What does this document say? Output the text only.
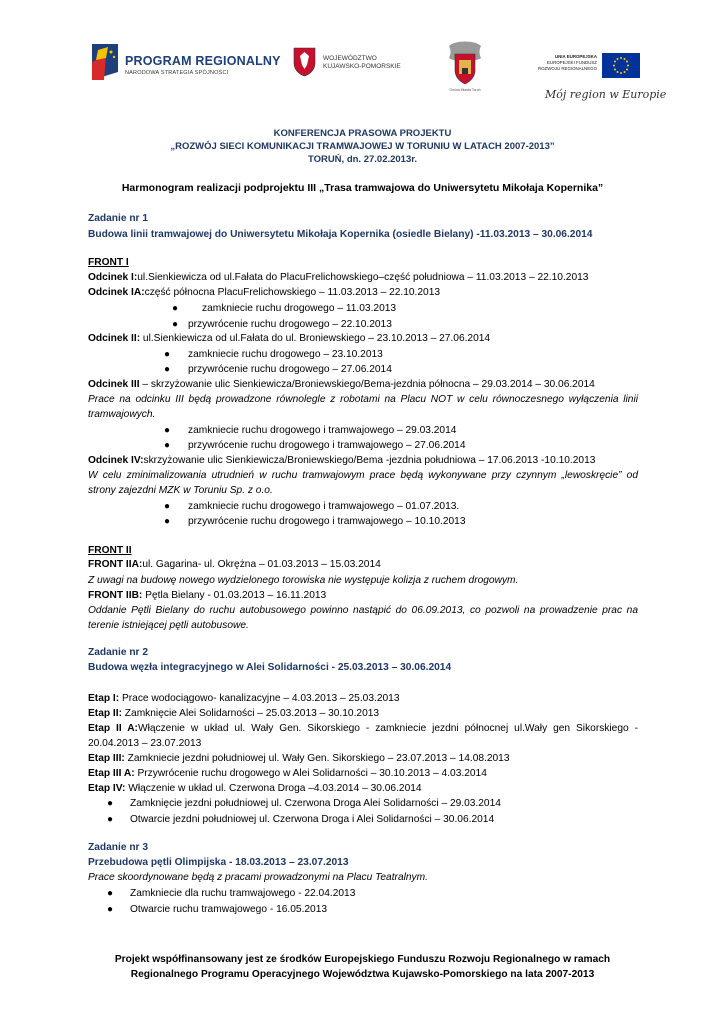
PROGRAM REGIONALNY
NARODOWA STRATEGIA SPÓJNOŚCI
WOJEWÓDZTWO
KUJAWSKO-POMORSKIE
Gmina Miasta Toruń
UNIA EUROPEJSKA
EUROPEJSKI FUNDUSZ
ROZWOJU REGIONALNEGO
Mój region w Europie
KONFERENCJA PRASOWA PROJEKTU
„ROZWÓJ SIECI KOMUNIKACJI TRAMWAJOWEJ W TORUNIU W LATACH 2007-2013”
TORUŃ, dn. 27.02.2013r.
Harmonogram realizacji podprojektu III „Trasa tramwajowa do Uniwersytetu Mikołaja Kopernika”
Zadanie nr 1
Budowa linii tramwajowej do Uniwersytetu Mikołaja Kopernika (osiedle Bielany) -11.03.2013 – 30.06.2014
FRONT I
Odcinek I:ul.Sienkiewicza od ul.Fałata do PlacuFrelichowskiego–część południowa – 11.03.2013 – 22.10.2013
Odcinek IA:część północna PlacuFrelichowskiego – 11.03.2013 – 22.10.2013
● zamkniecie ruchu drogowego – 11.03.2013
● przywrócenie ruchu drogowego – 22.10.2013
Odcinek II: ul.Sienkiewicza od ul.Fałata do ul. Broniewskiego – 23.10.2013 – 27.06.2014
● zamkniecie ruchu drogowego – 23.10.2013
● przywrócenie ruchu drogowego – 27.06.2014
Odcinek III – skrzyżowanie ulic Sienkiewicza/Broniewskiego/Bema-jezdnia północna – 29.03.2014 – 30.06.2014
Prace na odcinku III będą prowadzone równolegle z robotami na Placu NOT w celu równoczesnego wyłączenia linii tramwajowych.
● zamkniecie ruchu drogowego i tramwajowego – 29.03.2014
● przywrócenie ruchu drogowego i tramwajowego – 27.06.2014
Odcinek IV:skrzyżowanie ulic Sienkiewicza/Broniewskiego/Bema -jezdnia południowa – 17.06.2013 -10.10.2013
W celu zminimalizowania utrudnień w ruchu tramwajowym prace będą wykonywane przy czynnym „lewoskręcie” od strony zajezdni MZK w Toruniu Sp. z o.o.
● zamkniecie ruchu drogowego i tramwajowego – 01.07.2013.
● przywrócenie ruchu drogowego i tramwajowego – 10.10.2013
FRONT II
FRONT IIA:ul. Gagarina- ul. Okrężna – 01.03.2013 – 15.03.2014
Z uwagi na budowę nowego wydzielonego torowiska nie występuje kolizja z ruchem drogowym.
FRONT IIB: Pętla Bielany - 01.03.2013 – 16.11.2013
Oddanie Pętli Bielany do ruchu autobusowego powinno nastąpić do 06.09.2013, co pozwoli na prowadzenie prac na terenie istniejącej pętli autobusowe.
Zadanie nr 2
Budowa węzła integracyjnego w Alei Solidarności - 25.03.2013 – 30.06.2014
Etap I: Prace wodociągowo- kanalizacyjne – 4.03.2013 – 25.03.2013
Etap II: Zamknięcie Alei Solidarności – 25.03.2013 – 30.10.2013
Etap II A:Włączenie w układ ul. Wały Gen. Sikorskiego - zamkniecie jezdni północnej ul.Wały gen Sikorskiego - 20.04.2013 – 23.07.2013
Etap III: Zamkniecie jezdni południowej ul. Wały Gen. Sikorskiego – 23.07.2013 – 14.08.2013
Etap III A: Przywrócenie ruchu drogowego w Alei Solidarności – 30.10.2013 – 4.03.2014
Etap IV: Włączenie w układ ul. Czerwona Droga –4.03.2014 – 30.06.2014
● Zamknięcie jezdni południowej ul. Czerwona Droga Alei Solidarności – 29.03.2014
● Otwarcie jezdni południowej ul. Czerwona Droga i Alei Solidarności – 30.06.2014
Zadanie nr 3
Przebudowa pętli Olimpijska - 18.03.2013 – 23.07.2013
Prace skoordynowane będą z pracami prowadzonymi na Placu Teatralnym.
● Zamkniecie dla ruchu tramwajowego - 22.04.2013
● Otwarcie ruchu tramwajowego - 16.05.2013
Projekt współfinansowany jest ze środków Europejskiego Funduszu Rozwoju Regionalnego w ramach
Regionalnego Programu Operacyjnego Województwa Kujawsko-Pomorskiego na lata 2007-2013
